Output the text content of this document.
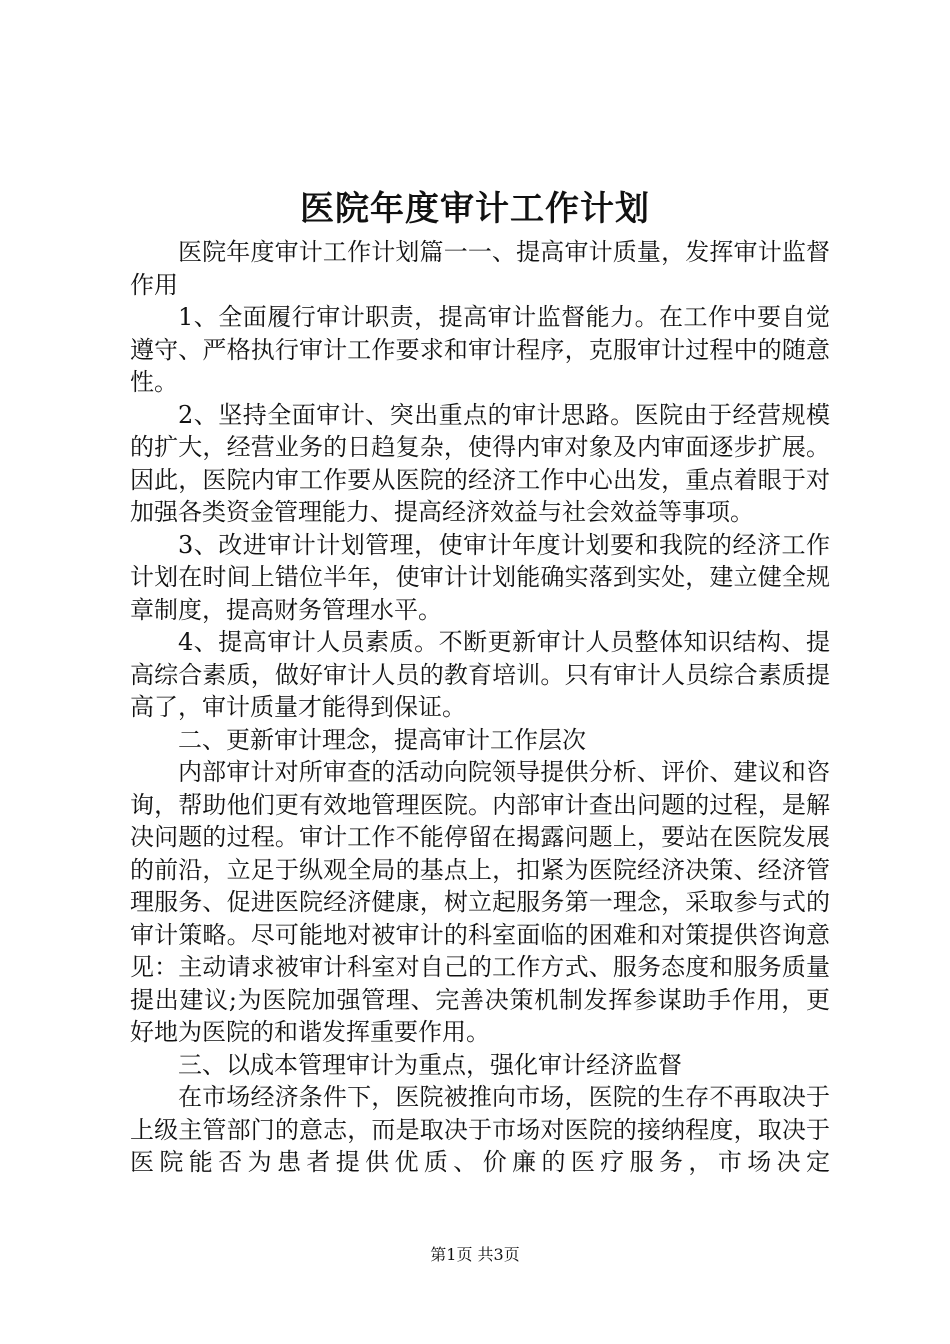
医院年度审计工作计划

医院年度审计工作计划篇一一、提高审计质量，发挥审计监督作用

1、全面履行审计职责，提高审计监督能力。在工作中要自觉遵守、严格执行审计工作要求和审计程序，克服审计过程中的随意性。

2、坚持全面审计、突出重点的审计思路。医院由于经营规模的扩大，经营业务的日趋复杂，使得内审对象及内审面逐步扩展。因此，医院内审工作要从医院的经济工作中心出发，重点着眼于对加强各类资金管理能力、提高经济效益与社会效益等事项。

3、改进审计计划管理，使审计年度计划要和我院的经济工作计划在时间上错位半年，使审计计划能确实落到实处，建立健全规章制度，提高财务管理水平。

4、提高审计人员素质。不断更新审计人员整体知识结构、提高综合素质，做好审计人员的教育培训。只有审计人员综合素质提高了，审计质量才能得到保证。

二、更新审计理念，提高审计工作层次

内部审计对所审查的活动向院领导提供分析、评价、建议和咨询，帮助他们更有效地管理医院。内部审计查出问题的过程，是解决问题的过程。审计工作不能停留在揭露问题上，要站在医院发展的前沿，立足于纵观全局的基点上，扣紧为医院经济决策、经济管理服务、促进医院经济健康，树立起服务第一理念，采取参与式的审计策略。尽可能地对被审计的科室面临的困难和对策提供咨询意见：主动请求被审计科室对自己的工作方式、服务态度和服务质量提出建议;为医院加强管理、完善决策机制发挥参谋助手作用，更好地为医院的和谐发挥重要作用。

三、以成本管理审计为重点，强化审计经济监督

在市场经济条件下，医院被推向市场，医院的生存不再取决于上级主管部门的意志，而是取决于市场对医院的接纳程度，取决于医院能否为患者提供优质、价廉的医疗服务，市场决定

第1页 共3页
